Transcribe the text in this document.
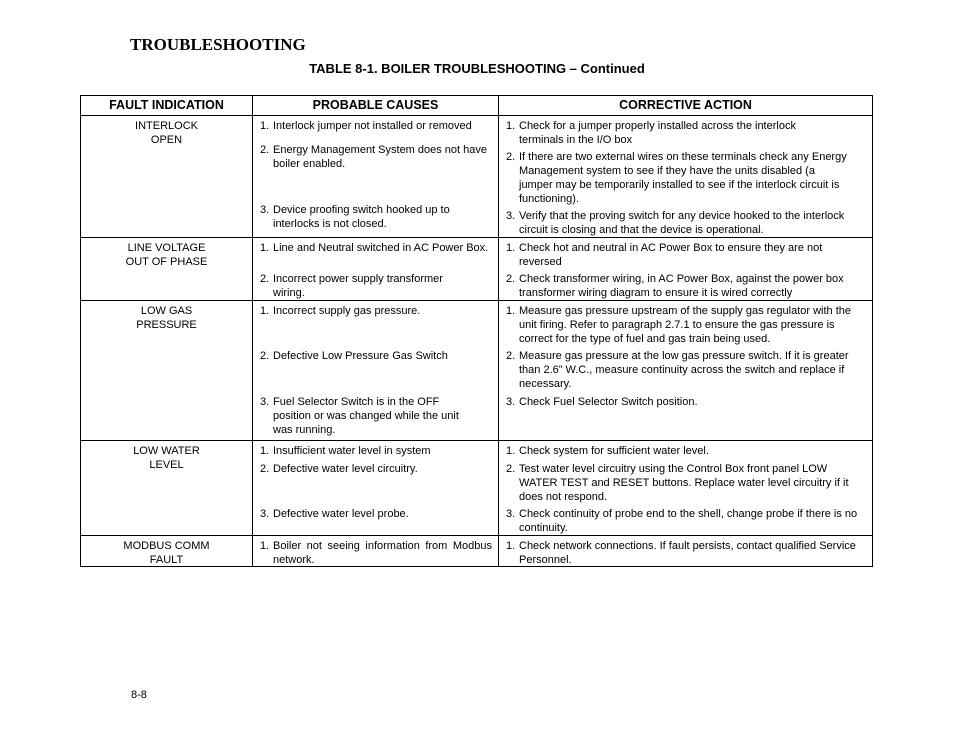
TROUBLESHOOTING
TABLE 8-1. BOILER TROUBLESHOOTING – Continued
FAULT INDICATION	PROBABLE CAUSES	CORRECTIVE ACTION
INTERLOCK
OPEN
1. Interlock jumper not installed or removed
2. Energy Management System does not have boiler enabled.
3. Device proofing switch hooked up to interlocks is not closed.
1. Check for a jumper properly installed across the interlock terminals in the I/O box
2. If there are two external wires on these terminals check any Energy Management system to see if they have the units disabled (a jumper may be temporarily installed to see if the interlock circuit is functioning).
3. Verify that the proving switch for any device hooked to the interlock circuit is closing and that the device is operational.
LINE VOLTAGE
OUT OF PHASE
1. Line and Neutral switched in AC Power Box.
2. Incorrect power supply transformer wiring.
1. Check hot and neutral in AC Power Box to ensure they are not reversed
2. Check transformer wiring, in AC Power Box, against the power box transformer wiring diagram to ensure it is wired correctly
LOW GAS
PRESSURE
1. Incorrect supply gas pressure.
2. Defective Low Pressure Gas Switch
3. Fuel Selector Switch is in the OFF position or was changed while the unit was running.
1. Measure gas pressure upstream of the supply gas regulator with the unit firing. Refer to paragraph 2.7.1 to ensure the gas pressure is correct for the type of fuel and gas train being used.
2. Measure gas pressure at the low gas pressure switch. If it is greater than 2.6” W.C., measure continuity across the switch and replace if necessary.
3. Check Fuel Selector Switch position.
LOW WATER
LEVEL
1. Insufficient water level in system
2. Defective water level circuitry.
3. Defective water level probe.
1. Check system for sufficient water level.
2. Test water level circuitry using the Control Box front panel LOW WATER TEST and RESET buttons. Replace water level circuitry if it does not respond.
3. Check continuity of probe end to the shell, change probe if there is no continuity.
MODBUS COMM
FAULT
1. Boiler not seeing information from Modbus network.
1. Check network connections. If fault persists, contact qualified Service Personnel.
8-8
